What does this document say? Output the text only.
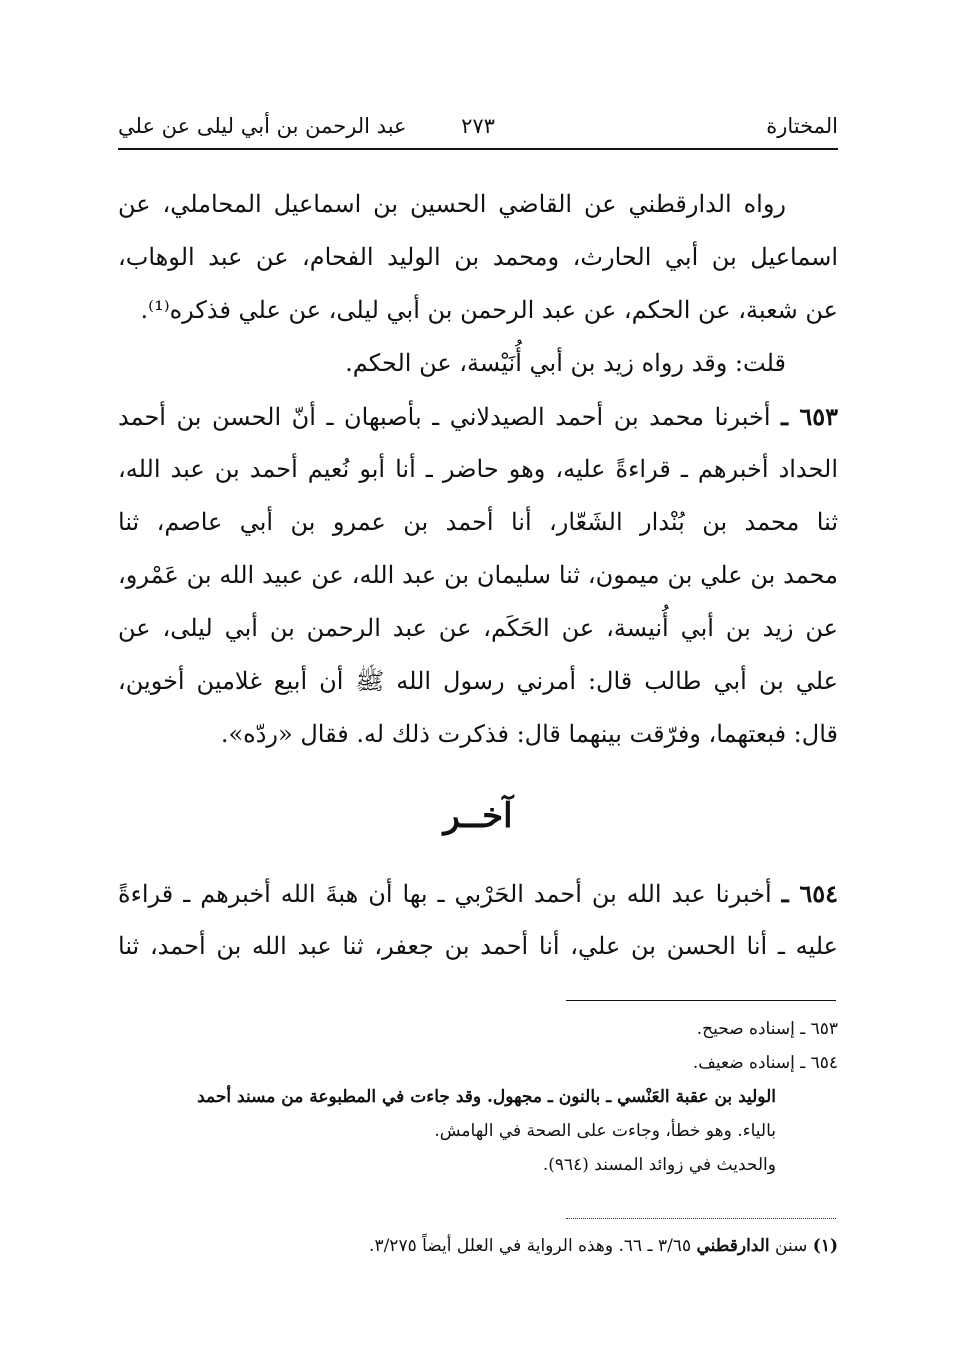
المختارة
٢٧٣
عبد الرحمن بن أبي ليلى عن علي
رواه الدارقطني عن القاضي الحسين بن اسماعيل المحاملي، عن
اسماعيل بن أبي الحارث، ومحمد بن الوليد الفحام، عن عبد الوهاب،
عن شعبة، عن الحكم، عن عبد الرحمن بن أبي ليلى، عن علي فذكره⁽¹⁾.
قلت: وقد رواه زيد بن أبي أُنَيْسة، عن الحكم.
٦٥٣ ـ أخبرنا محمد بن أحمد الصيدلاني ـ بأصبهان ـ أنّ الحسن بن أحمد
الحداد أخبرهم ـ قراءةً عليه، وهو حاضر ـ أنا أبو نُعيم أحمد بن عبد الله،
ثنا محمد بن بُنْدار الشَعّار، أنا أحمد بن عمرو بن أبي عاصم، ثنا
محمد بن علي بن ميمون، ثنا سليمان بن عبد الله، عن عبيد الله بن عَمْرو،
عن زيد بن أبي أُنيسة، عن الحَكَم، عن عبد الرحمن بن أبي ليلى، عن
علي بن أبي طالب قال: أمرني رسول الله ﷺ أن أبيع غلامين أخوين،
قال: فبعتهما، وفرّقت بينهما قال: فذكرت ذلك له. فقال «ردّه».
آخــر
٦٥٤ ـ أخبرنا عبد الله بن أحمد الحَرْبي ـ بها أن هبةَ الله أخبرهم ـ قراءةً
عليه ـ أنا الحسن بن علي، أنا أحمد بن جعفر، ثنا عبد الله بن أحمد، ثنا
٦٥٣ ـ إسناده صحيح.
٦٥٤ ـ إسناده ضعيف.
الوليد بن عقبة العَنْسي ـ بالنون ـ مجهول. وقد جاءت في المطبوعة من مسند أحمد
بالياء. وهو خطأ، وجاءت على الصحة في الهامش.
والحديث في زوائد المسند (٩٦٤).
(١) سنن الدارقطني ٣/٦٥ ـ ٦٦. وهذه الرواية في العلل أيضاً ٣/٢٧٥.
